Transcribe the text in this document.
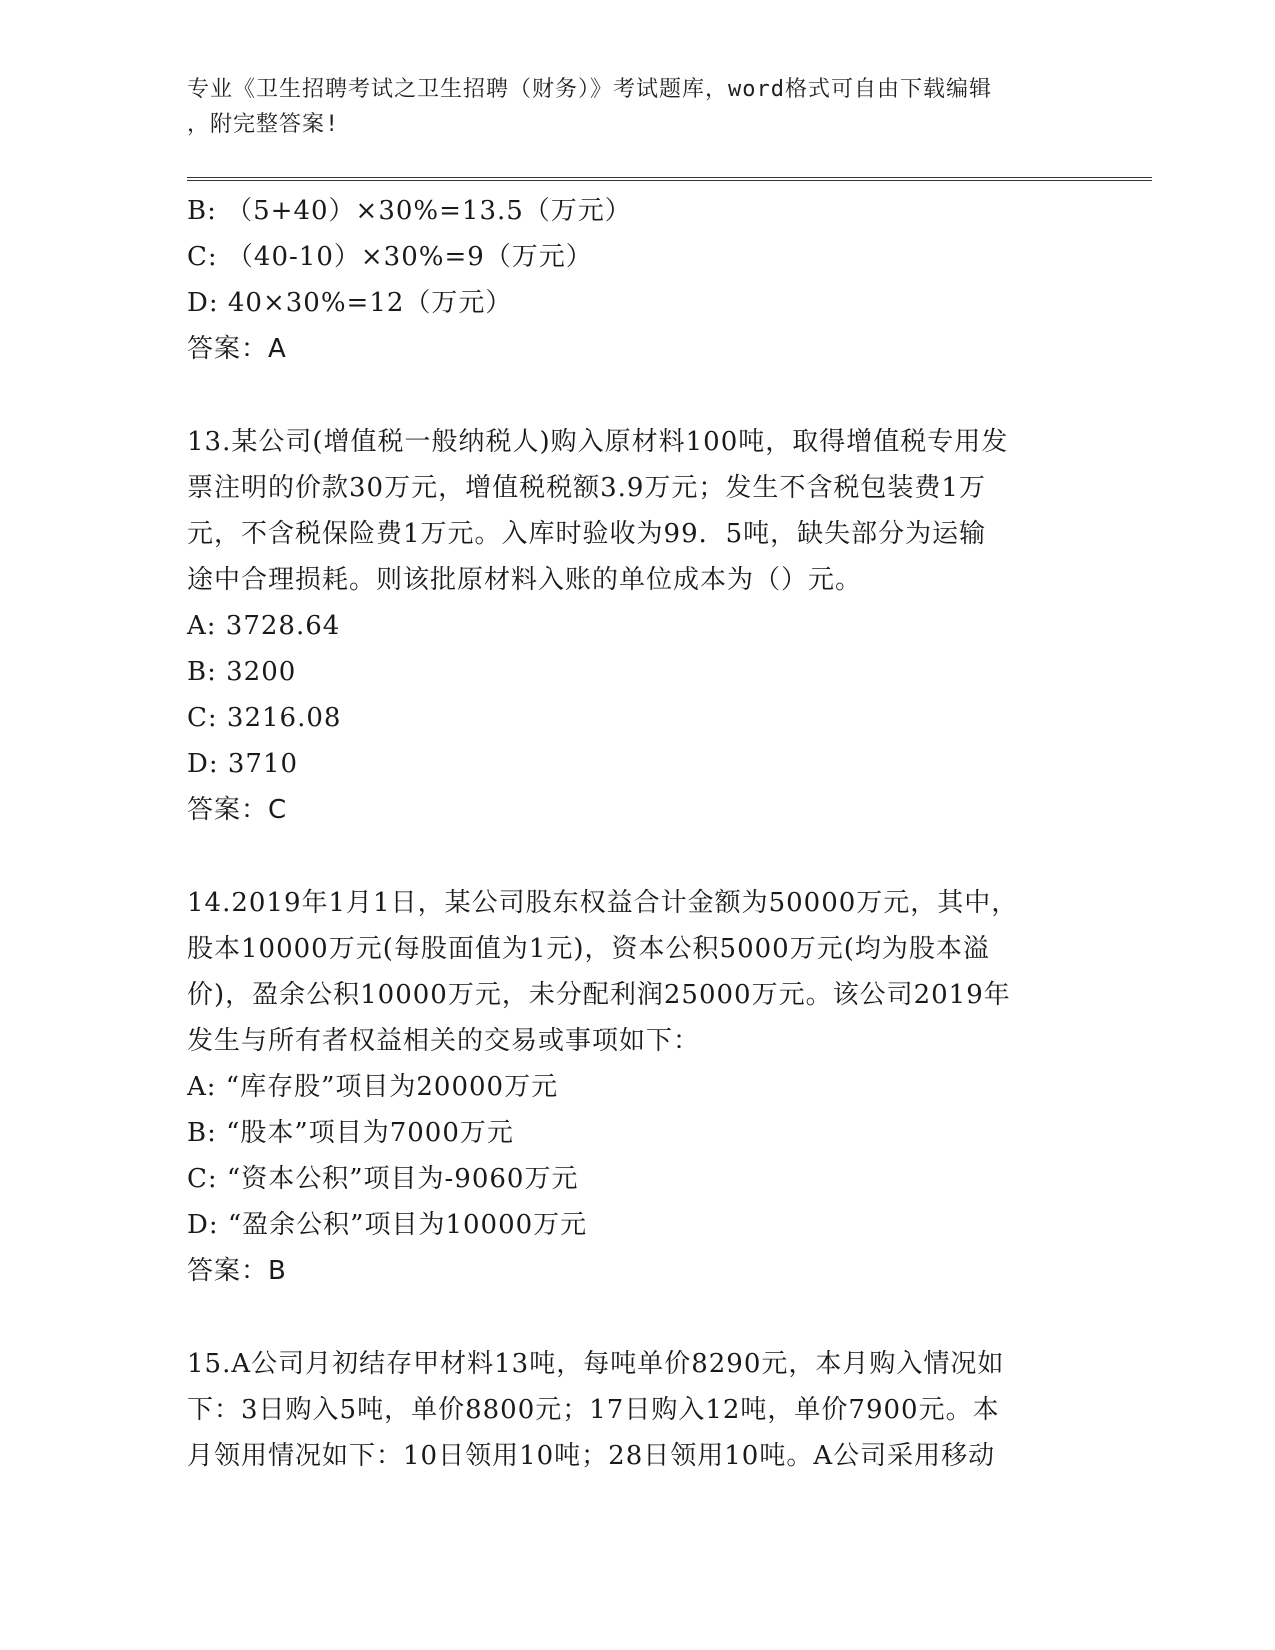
专业《卫生招聘考试之卫生招聘（财务）》考试题库，word格式可自由下载编辑
，附完整答案!
B: （5+40）×30%=13.5（万元）
C: （40-10）×30%=9（万元）
D: 40×30%=12（万元）
答案：A
13.某公司(增值税一般纳税人)购入原材料100吨，取得增值税专用发
票注明的价款30万元，增值税税额3.9万元；发生不含税包装费1万
元，不含税保险费1万元。入库时验收为99．5吨，缺失部分为运输
途中合理损耗。则该批原材料入账的单位成本为（）元。
A: 3728.64
B: 3200
C: 3216.08
D: 3710
答案：C
14.2019年1月1日，某公司股东权益合计金额为50000万元，其中，
股本10000万元(每股面值为1元)，资本公积5000万元(均为股本溢
价)，盈余公积10000万元，未分配利润25000万元。该公司2019年
发生与所有者权益相关的交易或事项如下：
A: “库存股”项目为20000万元
B: “股本”项目为7000万元
C: “资本公积”项目为-9060万元
D: “盈余公积”项目为10000万元
答案：B
15.A公司月初结存甲材料13吨，每吨单价8290元，本月购入情况如
下：3日购入5吨，单价8800元；17日购入12吨，单价7900元。本
月领用情况如下：10日领用10吨；28日领用10吨。A公司采用移动
